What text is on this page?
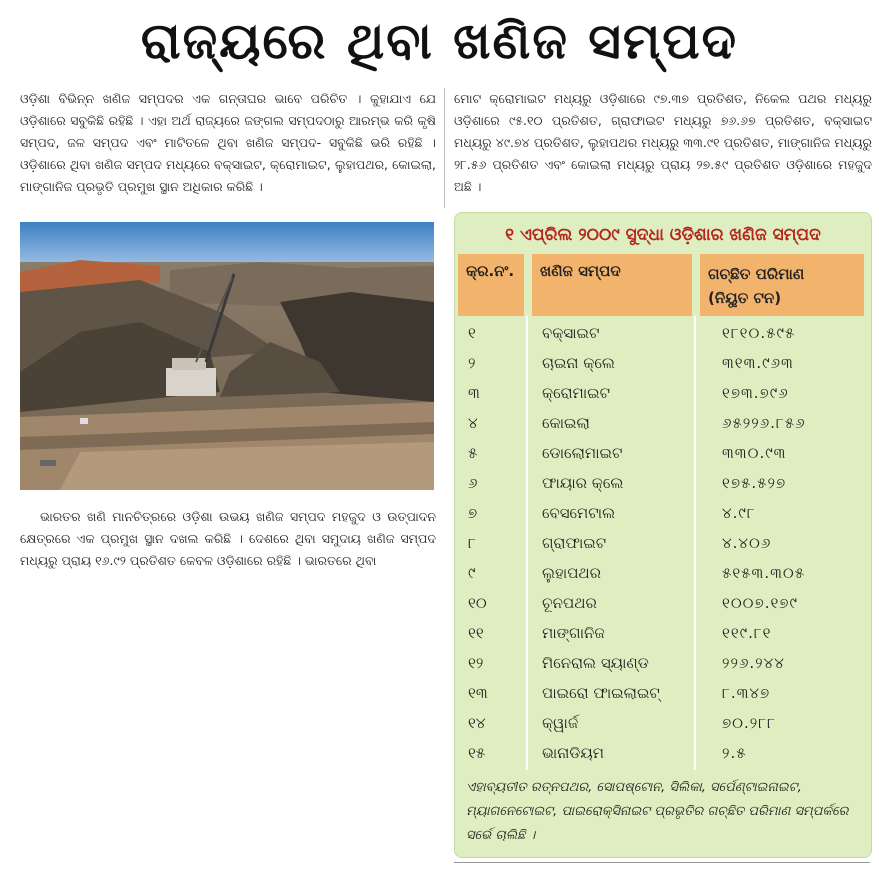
ରାଜ୍ୟରେ ଥିବା ଖଣିଜ ସମ୍ପଦ
ଓଡ଼ିଶା ବିଭିନ୍ନ ଖଣିଜ ସମ୍ପଦର ଏକ ଗନ୍ତାଘର ଭାବେ ପରିଚିତ । କୁହାଯାଏ ଯେ ଓଡ଼ିଶାରେ ସବୁକିଛି ରହିଛି । ଏହା ଅର୍ଥ ରାଜ୍ୟରେ ଜଙ୍ଗଲ ସମ୍ପଦଠାରୁ ଆରମ୍ଭ କରି କୃଷି ସମ୍ପଦ, ଜଳ ସମ୍ପଦ ଏବଂ ମାଟିତଳେ ଥିବା ଖଣିଜ ସମ୍ପଦ- ସବୁକିଛି ଭରି ରହିଛି । ଓଡ଼ିଶାରେ ଥିବା ଖଣିଜ ସମ୍ପଦ ମଧ୍ୟରେ ବକ୍ସାଇଟ, କ୍ରୋମାଇଟ, ଲୁହାପଥର, କୋଇଲା, ମାଙ୍ଗାନିଜ ପ୍ରଭୃତି ପ୍ରମୁଖ ସ୍ଥାନ ଅଧିକାର କରିଛି ।
ମୋଟ କ୍ରୋମାଇଟ ମଧ୍ୟରୁ ଓଡ଼ିଶାରେ ୯୭.୩୭ ପ୍ରତିଶତ, ନିକେଲ ପଥର ମଧ୍ୟରୁ ଓଡ଼ିଶାରେ ୯୫.୧୦ ପ୍ରତିଶତ, ଗ୍ରାଫାଇଟ ମଧ୍ୟରୁ ୭୬.୬୭ ପ୍ରତିଶତ, ବକ୍ସାଇଟ ମଧ୍ୟରୁ ୪୯.୭୪ ପ୍ରତିଶତ, ଲୁହାପଥର ମଧ୍ୟରୁ ୩୩.୯୧ ପ୍ରତିଶତ, ମାଙ୍ଗାନିଜ ମଧ୍ୟରୁ ୨୮.୫୬ ପ୍ରତିଶତ ଏବଂ କୋଇଲା ମଧ୍ୟରୁ ପ୍ରାୟ ୨୭.୫୯ ପ୍ରତିଶତ ଓଡ଼ିଶାରେ ମହଜୁଦ ଅଛି ।
ଭାରତର ଖଣି ମାନଚିତ୍ରରେ ଓଡ଼ିଶା ଉଭୟ ଖଣିଜ ସମ୍ପଦ ମହଜୁଦ ଓ ଉତ୍ପାଦନ କ୍ଷେତ୍ରରେ ଏକ ପ୍ରମୁଖ ସ୍ଥାନ ଦଖଲ କରିଛି । ଦେଶରେ ଥିବା ସମୁଦାୟ ଖଣିଜ ସମ୍ପଦ ମଧ୍ୟରୁ ପ୍ରାୟ ୧୬.୯୨ ପ୍ରତିଶତ କେବଳ ଓଡ଼ିଶାରେ ରହିଛି । ଭାରତରେ ଥିବା
୧ ଏପ୍ରିଲ ୨୦୦୯ ସୁଦ୍ଧା ଓଡ଼ିଶାର ଖଣିଜ ସମ୍ପଦ
କ୍ର.ନଂ. ଖଣିଜ ସମ୍ପଦ	ଗଚ୍ଛିତ ପରିମାଣ
(ନିୟୁତ ଟନ)
୧	ବକ୍ସାଇଟ	୧୮୧୦.୫୯୫
୨	ଚାଇନା କ୍ଲେ	୩୧୩.୯୬୩
୩	କ୍ରୋମାଇଟ	୧୭୩.୭୯୬
୪	କୋଇଲା	୬୫୨୨୬.୮୫୬
୫	ଡୋଲୋମାଇଟ	୩୩୦.୯୩
୬	ଫାୟାର କ୍ଲେ	୧୭୫.୫୨୭
୭	ବେସମେଟାଲ	୪.୯୮
୮	ଗ୍ରାଫାଇଟ	୪.୪୦୬
୯	ଲୁହାପଥର	୫୧୫୩.୩୦୫
୧୦	ଚୂନପଥର	୧୦୦୭.୧୭୯
୧୧	ମାଙ୍ଗାନିଜ	୧୧୯.୮୧
୧୨	ମିନେରାଲ ସ୍ୟାଣ୍ଡ	୨୨୬.୨୪୪
୧୩	ପାଇରୋ ଫାଇଲାଇଟ୍	୮.୩୪୭
୧୪	କ୍ୱାର୍ଜ	୭୦.୨୮୮
୧୫	ଭାନାଡିୟମ	୨.୫
ଏହାବ୍ୟତୀତ ରତ୍ନପଥର, ସୋପଷ୍ଟୋନ, ସିଲିକା, ସର୍ପେଣ୍ଟାଇନାଇଟ, ମ୍ୟାଗନେଟୋଇଟ, ପାଇରୋକ୍ସିନାଇଟ ପ୍ରଭୃତିର ଗଚ୍ଛିତ ପରିମାଣ ସମ୍ପର୍କରେ ସର୍ଭେ ଚାଲିଛି ।
